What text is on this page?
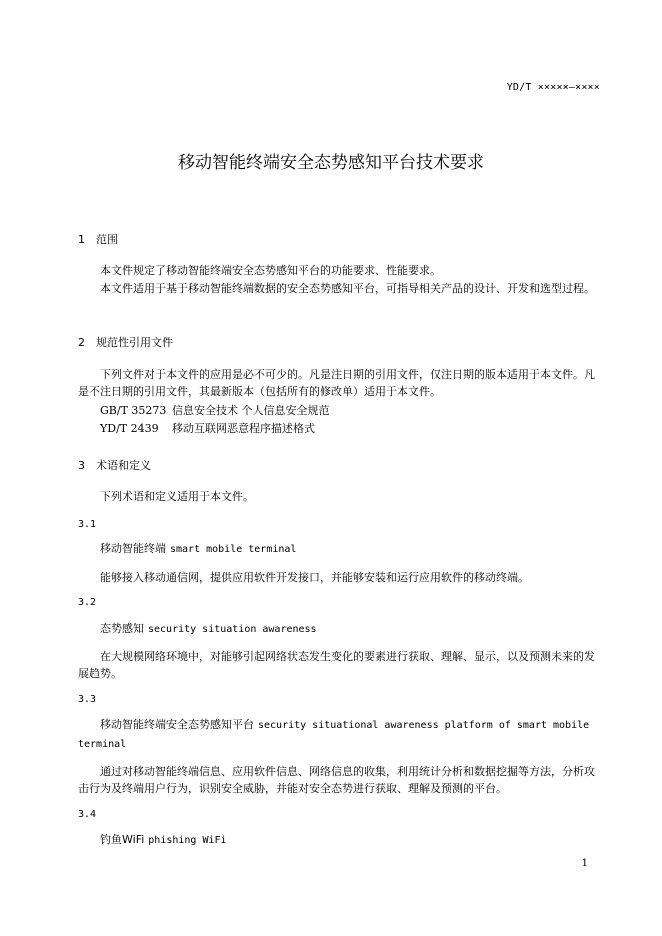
YD/T ×××××—××××
移动智能终端安全态势感知平台技术要求
1 范围

本文件规定了移动智能终端安全态势感知平台的功能要求、性能要求。

本文件适用于基于移动智能终端数据的安全态势感知平台，可指导相关产品的设计、开发和选型过程。

2 规范性引用文件

下列文件对于本文件的应用是必不可少的。凡是注日期的引用文件，仅注日期的版本适用于本文件。凡是不注日期的引用文件，其最新版本（包括所有的修改单）适用于本文件。

GB/T 35273 信息安全技术 个人信息安全规范

YD/T 2439 移动互联网恶意程序描述格式

3 术语和定义

下列术语和定义适用于本文件。

3.1

移动智能终端 smart mobile terminal

能够接入移动通信网，提供应用软件开发接口，并能够安装和运行应用软件的移动终端。

3.2

态势感知 security situation awareness

在大规模网络环境中，对能够引起网络状态发生变化的要素进行获取、理解、显示，以及预测未来的发展趋势。

3.3

移动智能终端安全态势感知平台 security situational awareness platform of smart mobile terminal

通过对移动智能终端信息、应用软件信息、网络信息的收集，利用统计分析和数据挖掘等方法，分析攻击行为及终端用户行为，识别安全威胁，并能对安全态势进行获取、理解及预测的平台。

3.4

钓鱼WiFi phishing WiFi

1
